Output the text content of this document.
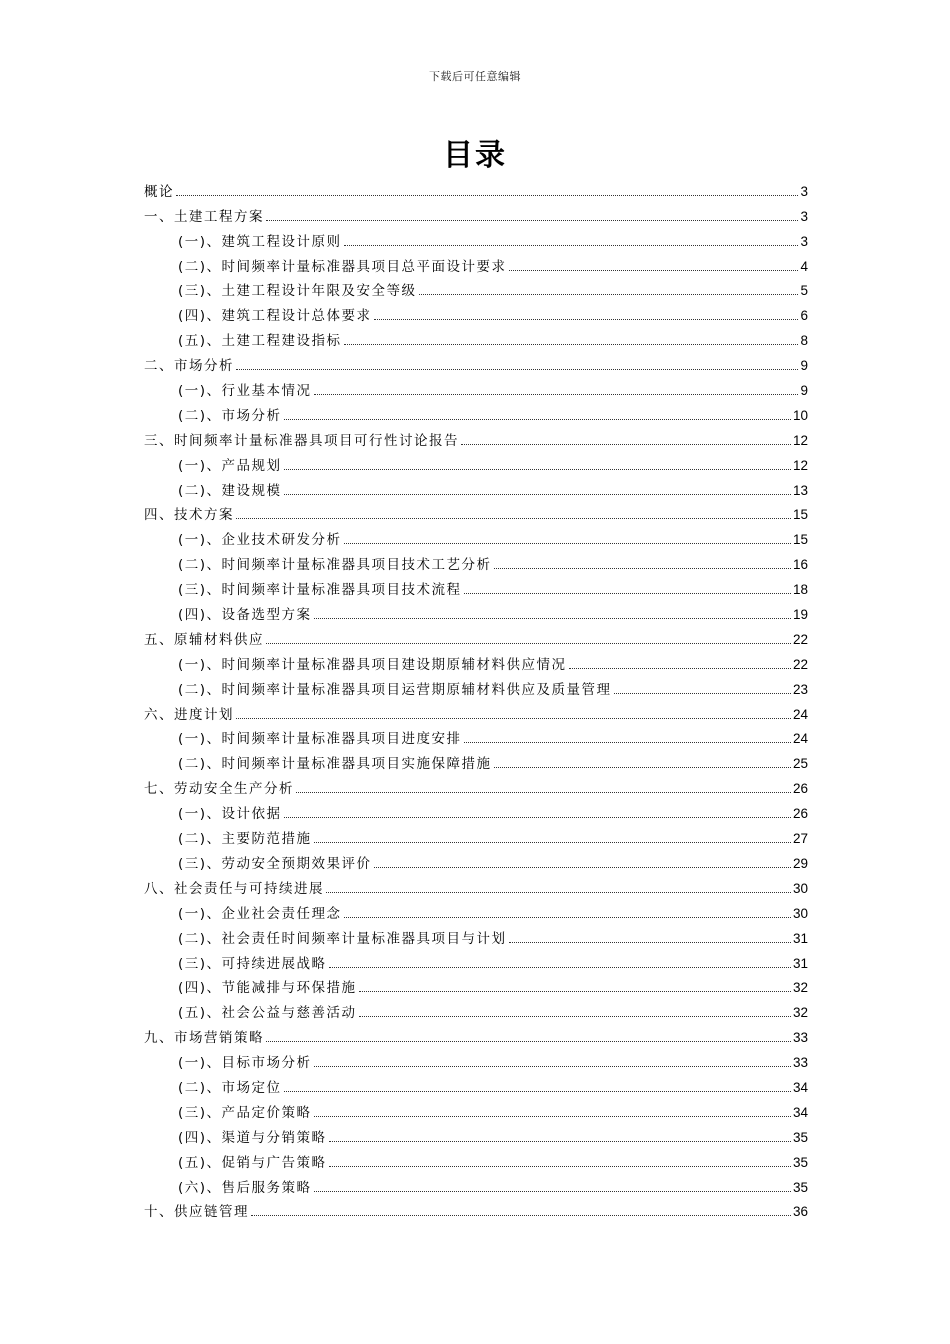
下载后可任意编辑
目录
概论	3
一、土建工程方案	3
(一)、建筑工程设计原则	3
(二)、时间频率计量标准器具项目总平面设计要求	4
(三)、土建工程设计年限及安全等级	5
(四)、建筑工程设计总体要求	6
(五)、土建工程建设指标	8
二、市场分析	9
(一)、行业基本情况	9
(二)、市场分析	10
三、时间频率计量标准器具项目可行性讨论报告	12
(一)、产品规划	12
(二)、建设规模	13
四、技术方案	15
(一)、企业技术研发分析	15
(二)、时间频率计量标准器具项目技术工艺分析	16
(三)、时间频率计量标准器具项目技术流程	18
(四)、设备选型方案	19
五、原辅材料供应	22
(一)、时间频率计量标准器具项目建设期原辅材料供应情况	22
(二)、时间频率计量标准器具项目运营期原辅材料供应及质量管理	23
六、进度计划	24
(一)、时间频率计量标准器具项目进度安排	24
(二)、时间频率计量标准器具项目实施保障措施	25
七、劳动安全生产分析	26
(一)、设计依据	26
(二)、主要防范措施	27
(三)、劳动安全预期效果评价	29
八、社会责任与可持续进展	30
(一)、企业社会责任理念	30
(二)、社会责任时间频率计量标准器具项目与计划	31
(三)、可持续进展战略	31
(四)、节能减排与环保措施	32
(五)、社会公益与慈善活动	32
九、市场营销策略	33
(一)、目标市场分析	33
(二)、市场定位	34
(三)、产品定价策略	34
(四)、渠道与分销策略	35
(五)、促销与广告策略	35
(六)、售后服务策略	35
十、供应链管理	36
